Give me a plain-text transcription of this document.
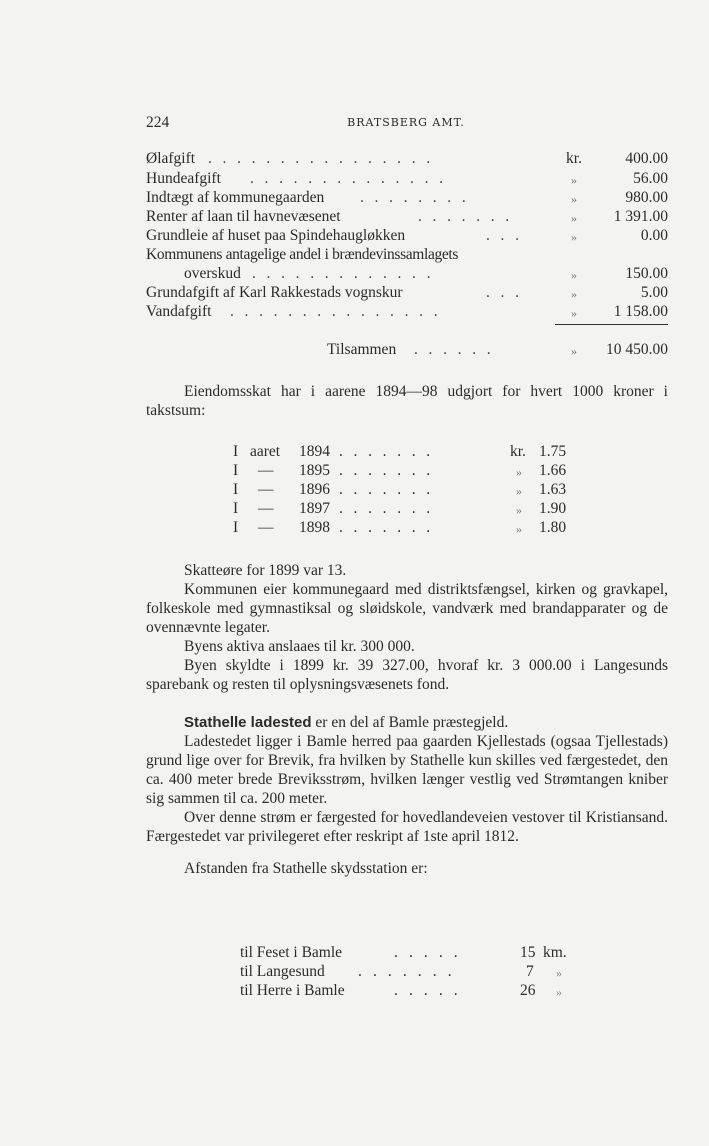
224	BRATSBERG AMT.
Ølafgift . . . . . . . . . . . . . . . .	kr.	400.00
Hundeafgift . . . . . . . . . . . . . .	»	56.00
Indtægt af kommunegaarden . . . . . . . .	»	980.00
Renter af laan til havnevæsenet	. . . . . . .	»	1 391.00
Grundleie af huset paa Spindehaugløkken	. . .	»	0.00
Kommunens antagelige andel i brændevinssamlagets
overskud . . . . . . . . . . . . .	»	150.00
Grundafgift af Karl Rakkestads vognskur	. . .	»	5.00
Vandafgift . . . . . . . . . . . . . . .	»	1 158.00
Tilsammen . . . . . .	»	10 450.00

Eiendomsskat har i aarene 1894—98 udgjort for hvert 1000 kroner i takstsum:

I aaret 1894 . . . . . . .	kr. 1.75
I — 1895 . . . . . . .	» 1.66
I — 1896 . . . . . . .	» 1.63
I — 1897 . . . . . . .	» 1.90
I — 1898 . . . . . . .	» 1.80

Skatteøre for 1899 var 13.

Kommunen eier kommunegaard med distriktsfængsel, kirken og gravkapel, folkeskole med gymnastiksal og sløidskole, vandværk med brandapparater og de ovennævnte legater.

Byens aktiva anslaaes til kr. 300 000.

Byen skyldte i 1899 kr. 39 327.00, hvoraf kr. 3 000.00 i Langesunds sparebank og resten til oplysningsvæsenets fond.

Stathelle ladested er en del af Bamle præstegjeld.

Ladestedet ligger i Bamle herred paa gaarden Kjellestads (ogsaa Tjellestads) grund lige over for Brevik, fra hvilken by Stathelle kun skilles ved færgestedet, den ca. 400 meter brede Breviksstrøm, hvilken længer vestlig ved Strømtangen kniber sig sammen til ca. 200 meter.

Over denne strøm er færgested for hovedlandeveien vestover til Kristiansand. Færgestedet var privilegeret efter reskript af 1ste april 1812.

Afstanden fra Stathelle skydsstation er:

til Feset i Bamle	. . . . .	15 km.
til Langesund . . . . . . .	7 »
til Herre i Bamle	. . . . .	26 »
